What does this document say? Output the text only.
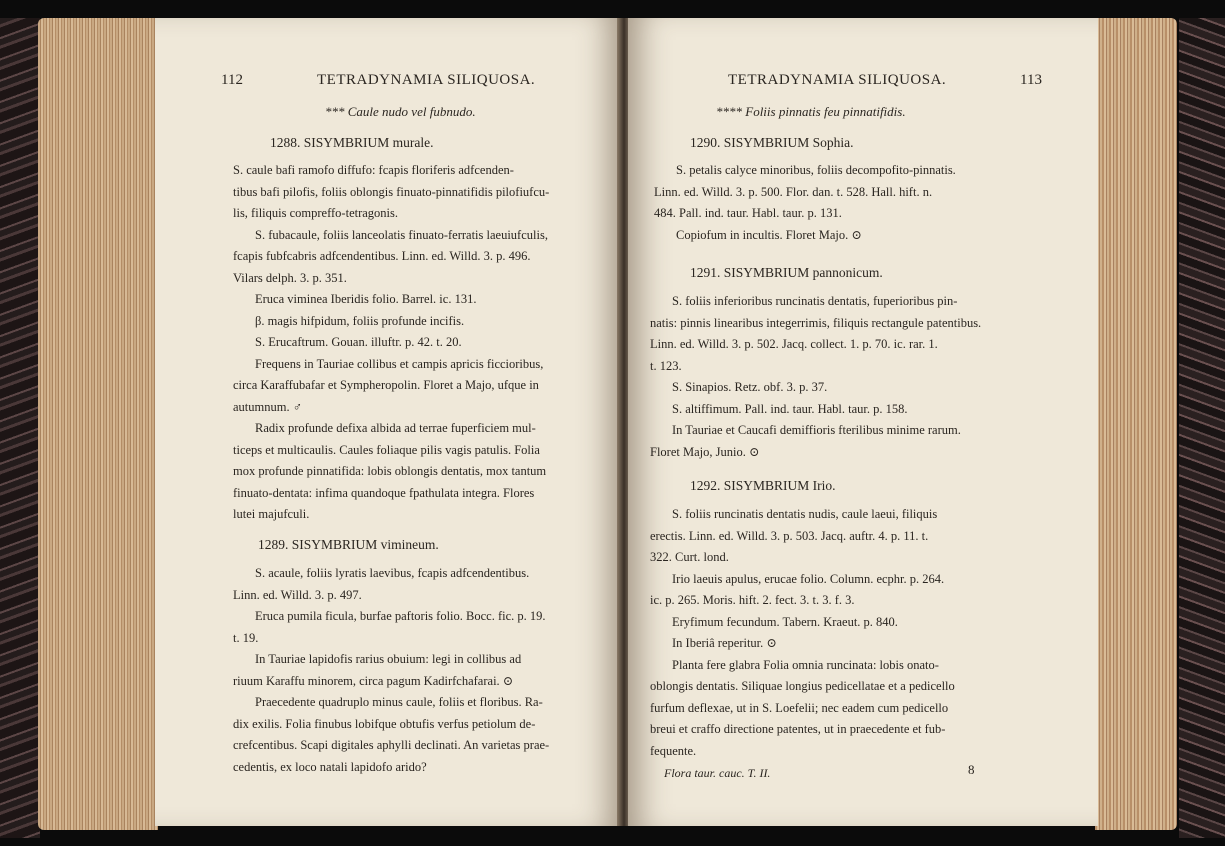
112	TETRADYNAMIA SILIQUOSA.
*** Caule nudo vel fubnudo.
1288. SISYMBRIUM murale.
S. caule bafi ramofo diffufo: fcapis floriferis adfcenden-
tibus bafi pilofis, foliis oblongis finuato-pinnatifidis pilofiufcu-
lis, filiquis compreffo-tetragonis.
S. fubacaule, foliis lanceolatis finuato-ferratis laeuiufculis,
fcapis fubfcabris adfcendentibus. Linn. ed. Willd. 3. p. 496.
Vilars delph. 3. p. 351.
Eruca viminea Iberidis folio. Barrel. ic. 131.
β. magis hifpidum, foliis profunde incifis.
S. Erucaftrum. Gouan. illuftr. p. 42. t. 20.
Frequens in Tauriae collibus et campis apricis ficcioribus,
circa Karaffubafar et Sympheropolin. Floret a Majo, ufque in
autumnum. ♂
Radix profunde defixa albida ad terrae fuperficiem mul-
ticeps et multicaulis. Caules foliaque pilis vagis patulis. Folia
mox profunde pinnatifida: lobis oblongis dentatis, mox tantum
finuato-dentata: infima quandoque fpathulata integra. Flores
lutei majufculi.
1289. SISYMBRIUM vimineum.
S. acaule, foliis lyratis laevibus, fcapis adfcendentibus.
Linn. ed. Willd. 3. p. 497.
Eruca pumila ficula, burfae paftoris folio. Bocc. fic. p. 19.
t. 19.
In Tauriae lapidofis rarius obuium: legi in collibus ad
riuum Karaffu minorem, circa pagum Kadirfchafarai. ⊙
Praecedente quadruplo minus caule, foliis et floribus. Ra-
dix exilis. Folia finubus lobifque obtufis verfus petiolum de-
crefcentibus. Scapi digitales aphylli declinati. An varietas prae-
cedentis, ex loco natali lapidofo arido?
TETRADYNAMIA SILIQUOSA.	113
**** Foliis pinnatis feu pinnatifidis.
1290. SISYMBRIUM Sophia.
S. petalis calyce minoribus, foliis decompofito-pinnatis.
Linn. ed. Willd. 3. p. 500. Flor. dan. t. 528. Hall. hift. n.
484. Pall. ind. taur. Habl. taur. p. 131.
Copiofum in incultis. Floret Majo. ⊙
1291. SISYMBRIUM pannonicum.
S. foliis inferioribus runcinatis dentatis, fuperioribus pin-
natis: pinnis linearibus integerrimis, filiquis rectangule patentibus.
Linn. ed. Willd. 3. p. 502. Jacq. collect. 1. p. 70. ic. rar. 1.
t. 123.
S. Sinapios. Retz. obf. 3. p. 37.
S. altiffimum. Pall. ind. taur. Habl. taur. p. 158.
In Tauriae et Caucafi demiffioris fterilibus minime rarum.
Floret Majo, Junio. ⊙
1292. SISYMBRIUM Irio.
S. foliis runcinatis dentatis nudis, caule laeui, filiquis
erectis. Linn. ed. Willd. 3. p. 503. Jacq. auftr. 4. p. 11. t.
322. Curt. lond.
Irio laeuis apulus, erucae folio. Column. ecphr. p. 264.
ic. p. 265. Moris. hift. 2. fect. 3. t. 3. f. 3.
Eryfimum fecundum. Tabern. Kraeut. p. 840.
In Iberiâ reperitur. ⊙
Planta fere glabra Folia omnia runcinata: lobis onato-
oblongis dentatis. Siliquae longius pedicellatae et a pedicello
furfum deflexae, ut in S. Loefelii; nec eadem cum pedicello
breui et craffo directione patentes, ut in praecedente et fub-
fequente.
Flora taur. cauc. T. II.	8
